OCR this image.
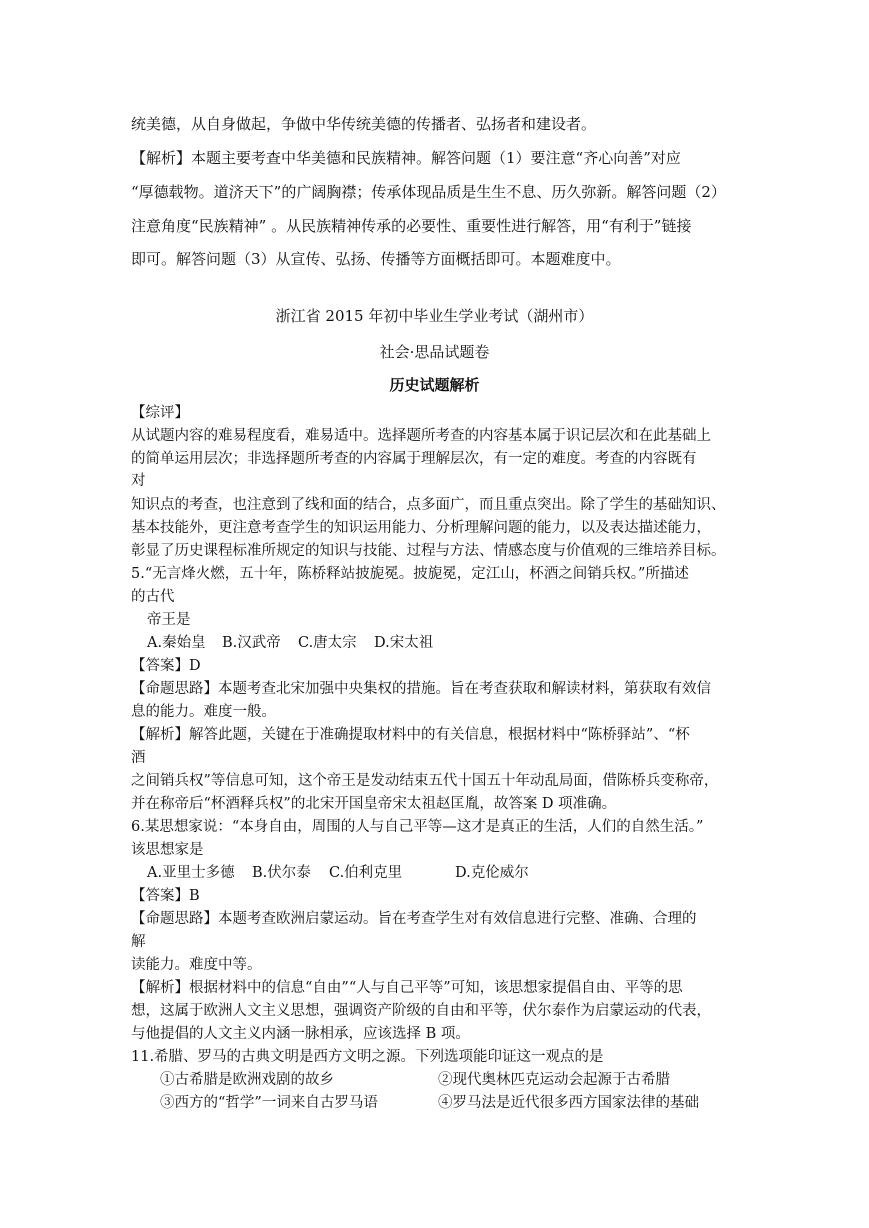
统美德，从自身做起，争做中华传统美德的传播者、弘扬者和建设者。
【解析】本题主要考查中华美德和民族精神。解答问题（1）要注意“齐心向善”对应
“厚德载物。道济天下”的广阔胸襟；传承体现品质是生生不息、历久弥新。解答问题（2）
注意角度“民族精神” 。从民族精神传承的必要性、重要性进行解答，用“有利于”链接
即可。解答问题（3）从宣传、弘扬、传播等方面概括即可。本题难度中。
浙江省 2015 年初中毕业生学业考试（湖州市）
社会·思品试题卷
历史试题解析
【综评】
从试题内容的难易程度看，难易适中。选择题所考查的内容基本属于识记层次和在此基础上
的简单运用层次；非选择题所考查的内容属于理解层次，有一定的难度。考查的内容既有
对
知识点的考查，也注意到了线和面的结合，点多面广，而且重点突出。除了学生的基础知识、
基本技能外，更注意考查学生的知识运用能力、分析理解问题的能力，以及表达描述能力，
彰显了历史课程标准所规定的知识与技能、过程与方法、情感态度与价值观的三维培养目标。
5.“无言烽火燃，五十年，陈桥释站披旎冕。披旎冕，定江山，杯酒之间销兵权。”所描述
的古代
帝王是
A.秦始皇 B.汉武帝 C.唐太宗 D.宋太祖
【答案】D
【命题思路】本题考查北宋加强中央集权的措施。旨在考查获取和解读材料，第获取有效信
息的能力。难度一般。
【解析】解答此题，关键在于准确提取材料中的有关信息，根据材料中“陈桥驿站”、“杯
酒
之间销兵权”等信息可知，这个帝王是发动结束五代十国五十年动乱局面，借陈桥兵变称帝，
并在称帝后“杯酒释兵权”的北宋开国皇帝宋太祖赵匡胤，故答案 D 项准确。
6.某思想家说：“本身自由，周围的人与自己平等—这才是真正的生活，人们的自然生活。”
该思想家是
A.亚里士多德 B.伏尔泰 C.伯利克里	D.克伦威尔
【答案】B
【命题思路】本题考查欧洲启蒙运动。旨在考查学生对有效信息进行完整、准确、合理的
解
读能力。难度中等。
【解析】根据材料中的信息“自由”“人与自己平等”可知，该思想家提倡自由、平等的思
想，这属于欧洲人文主义思想，强调资产阶级的自由和平等，伏尔泰作为启蒙运动的代表，
与他提倡的人文主义内涵一脉相承，应该选择 B 项。
11.希腊、罗马的古典文明是西方文明之源。下列选项能印证这一观点的是
①古希腊是欧洲戏剧的故乡	②现代奥林匹克运动会起源于古希腊
③西方的“哲学”一词来自古罗马语	④罗马法是近代很多西方国家法律的基础
